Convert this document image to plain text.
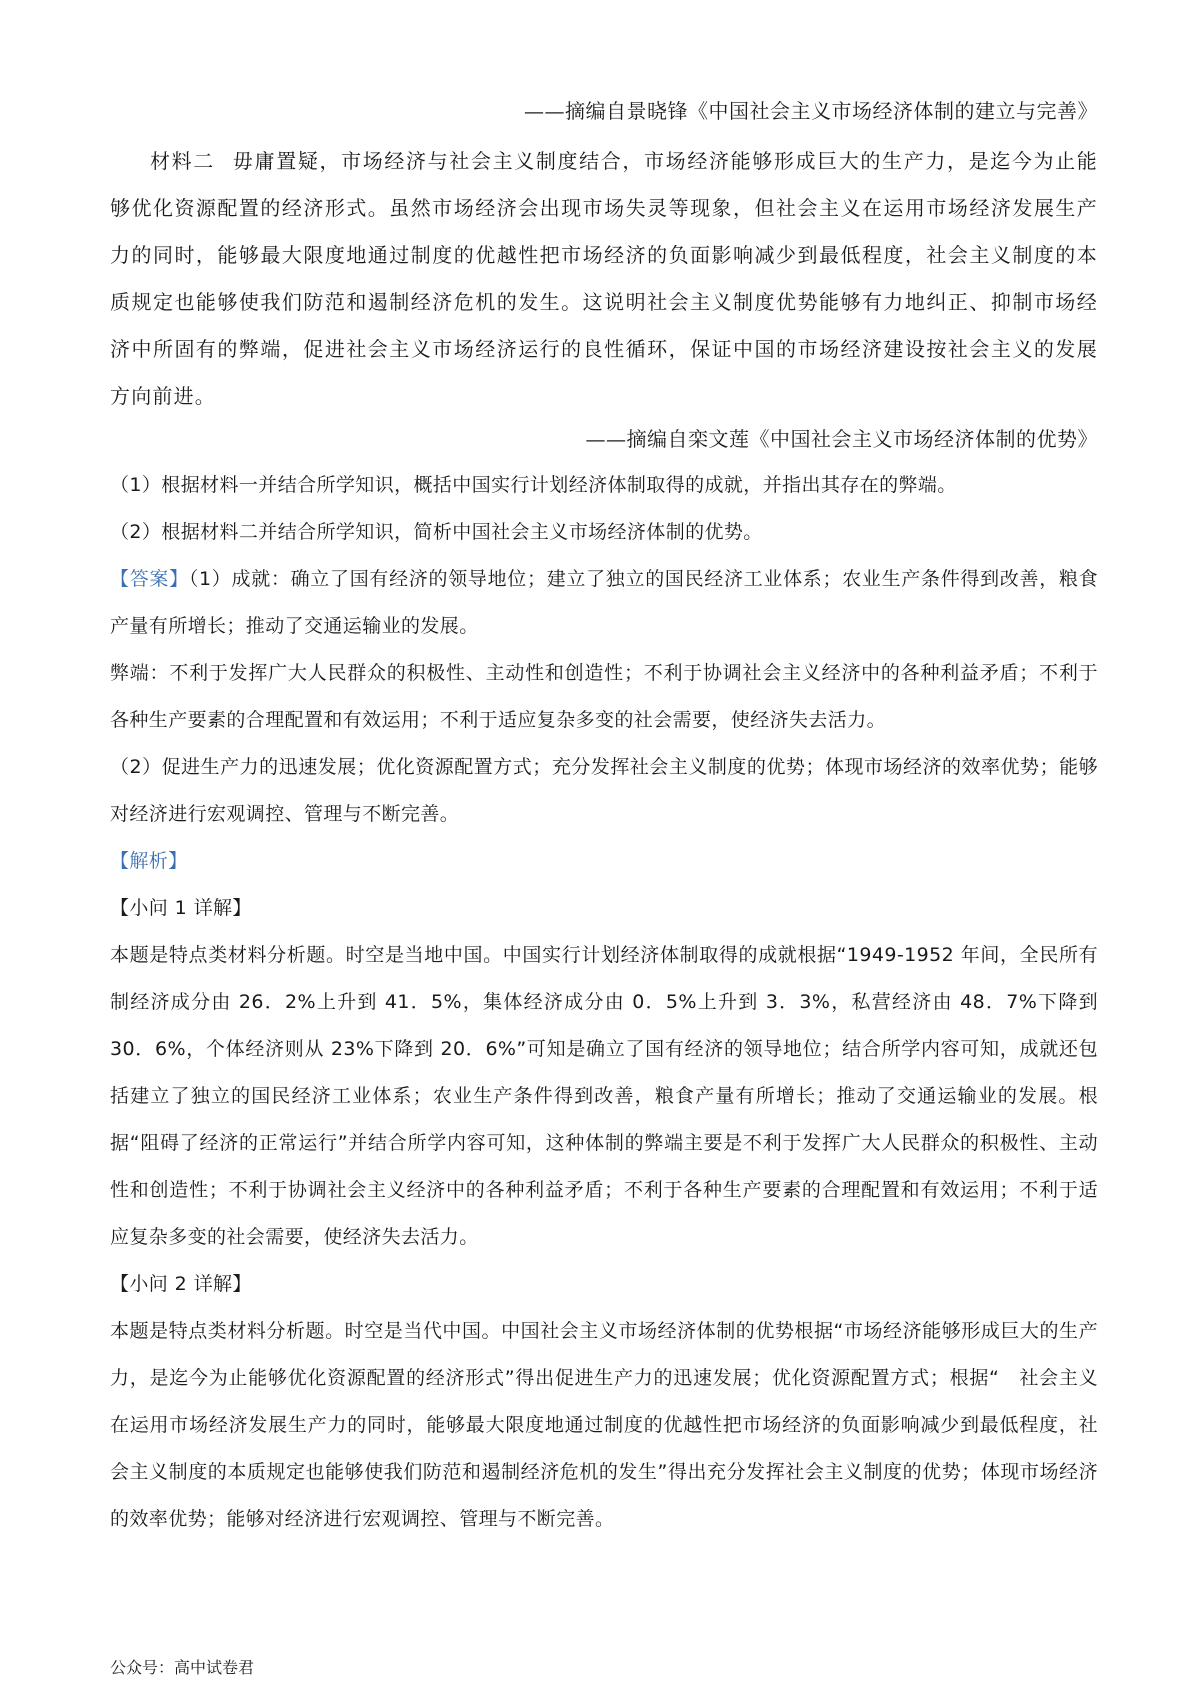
——摘编自景晓锋《中国社会主义市场经济体制的建立与完善》

材料二 毋庸置疑，市场经济与社会主义制度结合，市场经济能够形成巨大的生产力，是迄今为止能够优化资源配置的经济形式。虽然市场经济会出现市场失灵等现象，但社会主义在运用市场经济发展生产力的同时，能够最大限度地通过制度的优越性把市场经济的负面影响减少到最低程度，社会主义制度的本质规定也能够使我们防范和遏制经济危机的发生。这说明社会主义制度优势能够有力地纠正、抑制市场经济中所固有的弊端，促进社会主义市场经济运行的良性循环，保证中国的市场经济建设按社会主义的发展方向前进。

——摘编自栾文莲《中国社会主义市场经济体制的优势》

（1）根据材料一并结合所学知识，概括中国实行计划经济体制取得的成就，并指出其存在的弊端。

（2）根据材料二并结合所学知识，简析中国社会主义市场经济体制的优势。

【答案】（1）成就：确立了国有经济的领导地位；建立了独立的国民经济工业体系；农业生产条件得到改善，粮食产量有所增长；推动了交通运输业的发展。

弊端：不利于发挥广大人民群众的积极性、主动性和创造性；不利于协调社会主义经济中的各种利益矛盾；不利于各种生产要素的合理配置和有效运用；不利于适应复杂多变的社会需要，使经济失去活力。

（2）促进生产力的迅速发展；优化资源配置方式；充分发挥社会主义制度的优势；体现市场经济的效率优势；能够对经济进行宏观调控、管理与不断完善。

【解析】

【小问 1 详解】

本题是特点类材料分析题。时空是当地中国。中国实行计划经济体制取得的成就根据“1949-1952 年间，全民所有制经济成分由 26．2%上升到 41．5%，集体经济成分由 0．5%上升到 3．3%，私营经济由 48．7%下降到 30．6%，个体经济则从 23%下降到 20．6%”可知是确立了国有经济的领导地位；结合所学内容可知，成就还包括建立了独立的国民经济工业体系；农业生产条件得到改善，粮食产量有所增长；推动了交通运输业的发展。根据“阻碍了经济的正常运行”并结合所学内容可知，这种体制的弊端主要是不利于发挥广大人民群众的积极性、主动性和创造性；不利于协调社会主义经济中的各种利益矛盾；不利于各种生产要素的合理配置和有效运用；不利于适应复杂多变的社会需要，使经济失去活力。

【小问 2 详解】

本题是特点类材料分析题。时空是当代中国。中国社会主义市场经济体制的优势根据“市场经济能够形成巨大的生产力，是迄今为止能够优化资源配置的经济形式”得出促进生产力的迅速发展；优化资源配置方式；根据“　社会主义在运用市场经济发展生产力的同时，能够最大限度地通过制度的优越性把市场经济的负面影响减少到最低程度，社会主义制度的本质规定也能够使我们防范和遏制经济危机的发生”得出充分发挥社会主义制度的优势；体现市场经济的效率优势；能够对经济进行宏观调控、管理与不断完善。

公众号：高中试卷君
